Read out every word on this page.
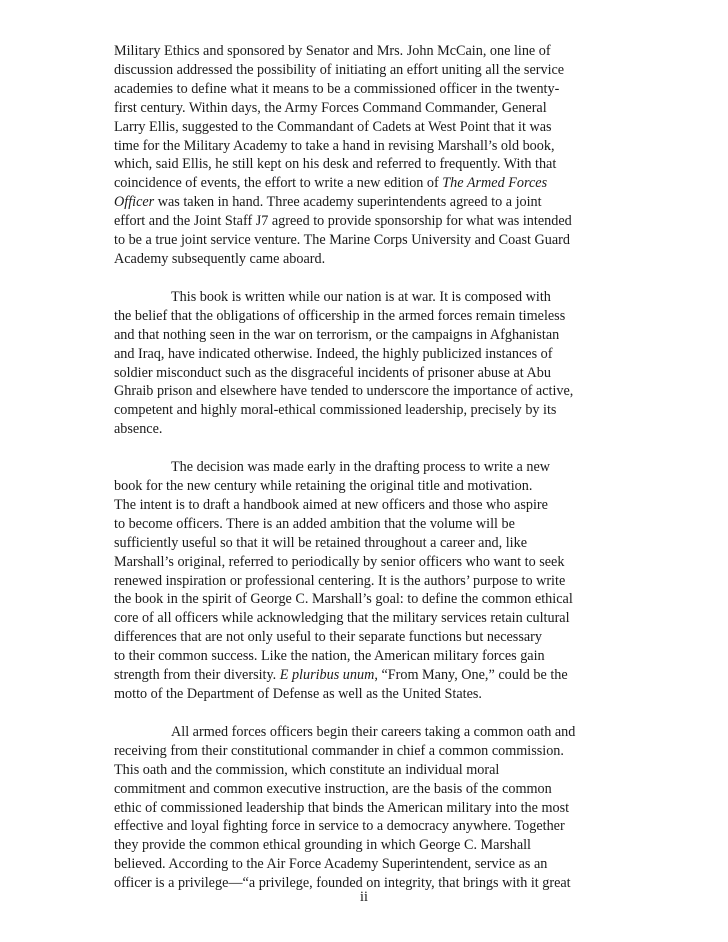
Military Ethics and sponsored by Senator and Mrs. John McCain, one line of
discussion addressed the possibility of initiating an effort uniting all the service
academies to define what it means to be a commissioned officer in the twenty-
first century. Within days, the Army Forces Command Commander, General
Larry Ellis, suggested to the Commandant of Cadets at West Point that it was
time for the Military Academy to take a hand in revising Marshall’s old book,
which, said Ellis, he still kept on his desk and referred to frequently. With that
coincidence of events, the effort to write a new edition of The Armed Forces
Officer was taken in hand. Three academy superintendents agreed to a joint
effort and the Joint Staff J7 agreed to provide sponsorship for what was intended
to be a true joint service venture. The Marine Corps University and Coast Guard
Academy subsequently came aboard.
This book is written while our nation is at war. It is composed with
the belief that the obligations of officership in the armed forces remain timeless
and that nothing seen in the war on terrorism, or the campaigns in Afghanistan
and Iraq, have indicated otherwise. Indeed, the highly publicized instances of
soldier misconduct such as the disgraceful incidents of prisoner abuse at Abu
Ghraib prison and elsewhere have tended to underscore the importance of active,
competent and highly moral-ethical commissioned leadership, precisely by its
absence.
The decision was made early in the drafting process to write a new
book for the new century while retaining the original title and motivation.
The intent is to draft a handbook aimed at new officers and those who aspire
to become officers. There is an added ambition that the volume will be
sufficiently useful so that it will be retained throughout a career and, like
Marshall’s original, referred to periodically by senior officers who want to seek
renewed inspiration or professional centering. It is the authors’ purpose to write
the book in the spirit of George C. Marshall’s goal: to define the common ethical
core of all officers while acknowledging that the military services retain cultural
differences that are not only useful to their separate functions but necessary
to their common success. Like the nation, the American military forces gain
strength from their diversity. E pluribus unum, “From Many, One,” could be the
motto of the Department of Defense as well as the United States.
All armed forces officers begin their careers taking a common oath and
receiving from their constitutional commander in chief a common commission.
This oath and the commission, which constitute an individual moral
commitment and common executive instruction, are the basis of the common
ethic of commissioned leadership that binds the American military into the most
effective and loyal fighting force in service to a democracy anywhere. Together
they provide the common ethical grounding in which George C. Marshall
believed. According to the Air Force Academy Superintendent, service as an
officer is a privilege—“a privilege, founded on integrity, that brings with it great
ii
